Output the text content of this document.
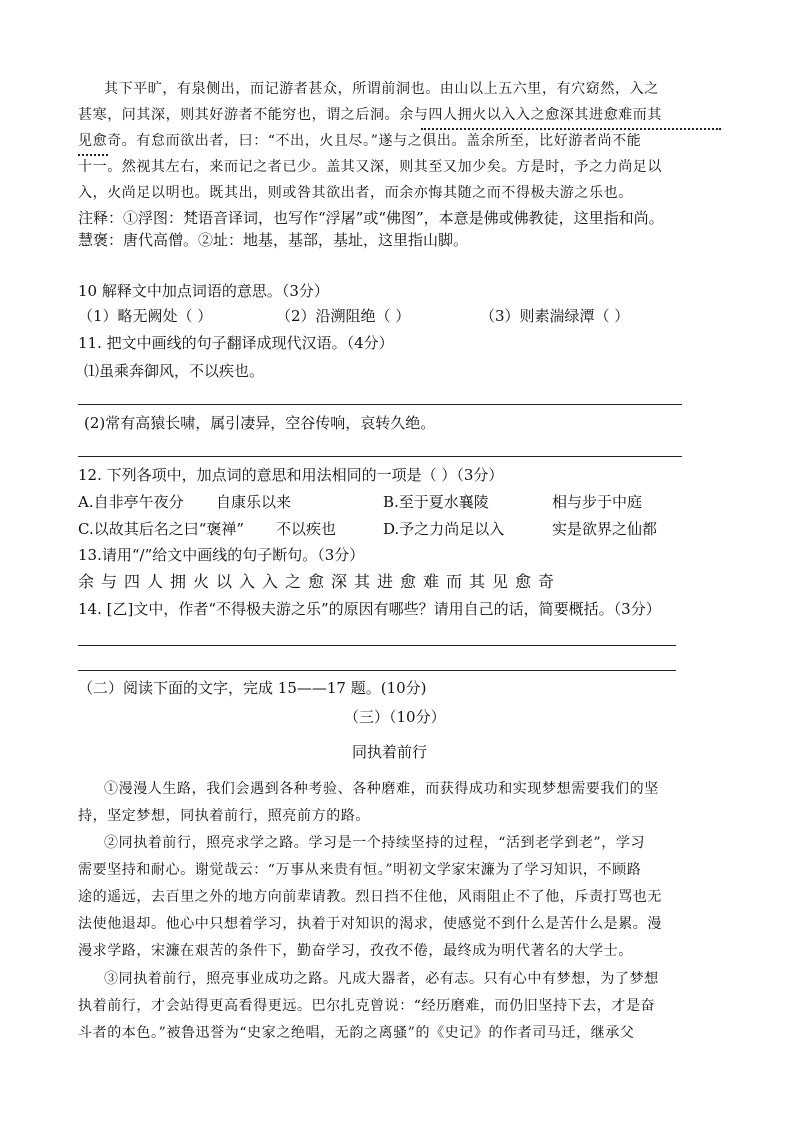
其下平旷，有泉侧出，而记游者甚众，所谓前洞也。由山以上五六里，有穴窈然，入之

甚寒，问其深，则其好游者不能穷也，谓之后洞。余与四人拥火以入入之愈深其进愈难而其

见愈奇。有怠而欲出者，曰：“不出，火且尽。”遂与之俱出。盖余所至，比好游者尚不能

十一。然视其左右，来而记之者已少。盖其又深，则其至又加少矣。方是时，予之力尚足以

入，火尚足以明也。既其出，则或咎其欲出者，而余亦悔其随之而不得极夫游之乐也。

注释：①浮图：梵语音译词，也写作“浮屠”或“佛图”，本意是佛或佛教徒，这里指和尚。

慧褒：唐代高僧。②址：地基，基部，基址，这里指山脚。

10 解释文中加点词语的意思。（3分）

（1）略无阙处（ ）	（2）沿溯阻绝（ ）	（3）则素湍绿潭（ ）

11. 把文中画线的句子翻译成现代汉语。（4分）

⑴虽乘奔御风，不以疾也。

(2)常有高猿长啸，属引凄异，空谷传响，哀转久绝。

12. 下列各项中，加点词的意思和用法相同的一项是（ ）（3分）

A.自非亭午夜分 自康乐以来	B.至于夏水襄陵	相与步于中庭

C.以故其后名之曰“褒禅” 不以疾也	D.予之力尚足以入	实是欲界之仙都

13.请用“/”给文中画线的句子断句。（3分）

余与四人拥火以入入之愈深其进愈难而其见愈奇

14. [乙]文中，作者“不得极夫游之乐”的原因有哪些？请用自己的话，简要概括。（3分）

（二）阅读下面的文字，完成 15——17 题。(10分)

（三）（10分）

同执着前行

①漫漫人生路，我们会遇到各种考验、各种磨难，而获得成功和实现梦想需要我们的坚

持，坚定梦想，同执着前行，照亮前方的路。

②同执着前行，照亮求学之路。学习是一个持续坚持的过程，“活到老学到老”，学习

需要坚持和耐心。谢觉哉云：“万事从来贵有恒。”明初文学家宋濂为了学习知识，不顾路

途的遥远，去百里之外的地方向前辈请教。烈日挡不住他，风雨阻止不了他，斥责打骂也无

法使他退却。他心中只想着学习，执着于对知识的渴求，使感觉不到什么是苦什么是累。漫

漫求学路，宋濂在艰苦的条件下，勤奋学习，孜孜不倦，最终成为明代著名的大学士。

③同执着前行，照亮事业成功之路。凡成大器者，必有志。只有心中有梦想，为了梦想

执着前行，才会站得更高看得更远。巴尔扎克曾说：“经历磨难，而仍旧坚持下去，才是奋

斗者的本色。”被鲁迅誉为“史家之绝唱，无韵之离骚”的《史记》的作者司马迁，继承父
